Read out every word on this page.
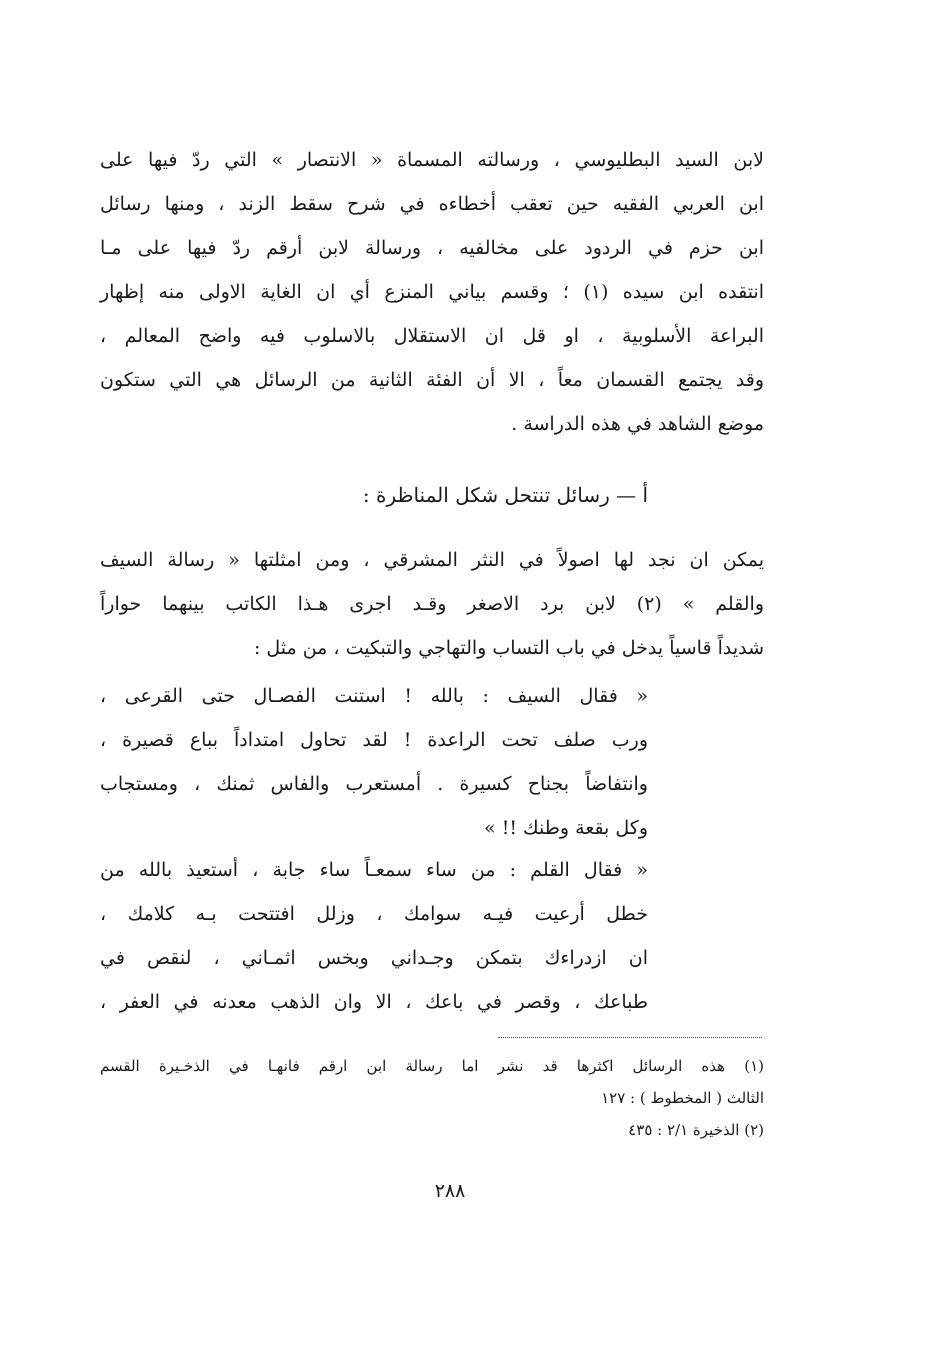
لابن السيد البطليوسي ، ورسالته المسماة « الانتصار » التي ردّ فيها على
ابن العربي الفقيه حين تعقب أخطاءه في شرح سقط الزند ، ومنها رسائل
ابن حزم في الردود على مخالفيه ، ورسالة لابن أرقم ردّ فيها على مـا
انتقده ابن سيده (١) ؛ وقسم بياني المنزع أي ان الغاية الاولى منه إظهار
البراعة الأسلوبية ، او قل ان الاستقلال بالاسلوب فيه واضح المعالم ،
وقد يجتمع القسمان معاً ، الا أن الفئة الثانية من الرسائل هي التي ستكون
موضع الشاهد في هذه الدراسة .
أ — رسائل تنتحل شكل المناظرة :
يمكن ان نجد لها اصولاً في النثر المشرقي ، ومن امثلتها « رسالة السيف
والقلم » (٢) لابن برد الاصغر وقـد اجرى هـذا الكاتب بينهما حواراً
شديداً قاسياً يدخل في باب التساب والتهاجي والتبكيت ، من مثل :
« فقال السيف : بالله ! استنت الفصـال حتى القرعى ،
ورب صلف تحت الراعدة ! لقد تحاول امتداداً بباع قصيرة ،
وانتفاضاً بجناح كسيرة . أمستعرب والفاس ثمنك ، ومستجاب
وكل بقعة وطنك !! »
« فقال القلم : من ساء سمعـاً ساء جابة ، أستعيذ بالله من
خطل أرعيت فيـه سوامك ، وزلل افتتحت بـه كلامك ،
ان ازدراءك بتمكن وجـداني وبخس اثمـاني ، لنقص في
طباعك ، وقصر في باعك ، الا وان الذهب معدنه في العفر ،
(١) هذه الرسائل اكثرها قد نشر اما رسالة ابن ارقم فانهـا في الذخـيرة القسم
الثالث ( المخطوط ) : ١٢٧
(٢) الذخيرة ٢/١ : ٤٣٥
٢٨٨
